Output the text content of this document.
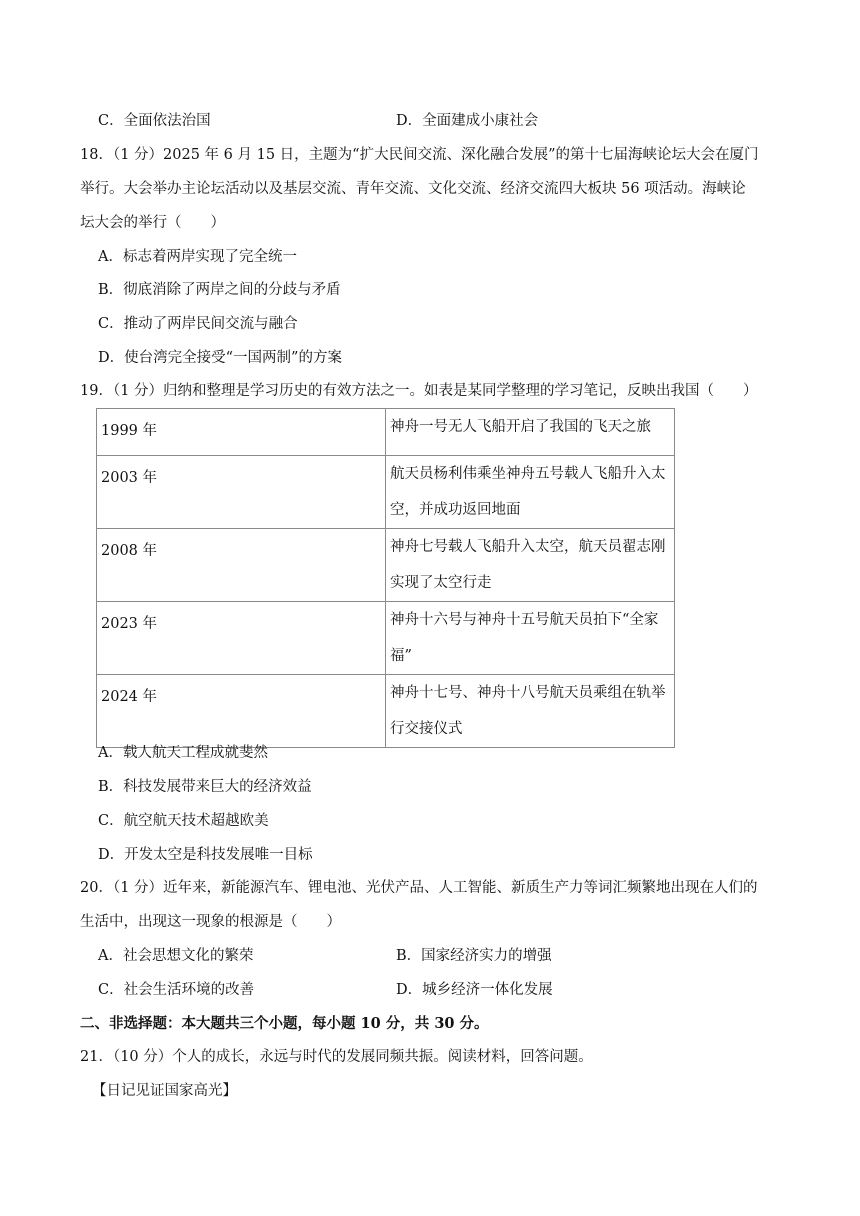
C．全面依法治国	D．全面建成小康社会
18．（1 分）2025 年 6 月 15 日，主题为“扩大民间交流、深化融合发展”的第十七届海峡论坛大会在厦门
举行。大会举办主论坛活动以及基层交流、青年交流、文化交流、经济交流四大板块 56 项活动。海峡论
坛大会的举行（　　）
A．标志着两岸实现了完全统一
B．彻底消除了两岸之间的分歧与矛盾
C．推动了两岸民间交流与融合
D．使台湾完全接受“一国两制”的方案
19．（1 分）归纳和整理是学习历史的有效方法之一。如表是某同学整理的学习笔记，反映出我国（　　）
1999 年	神舟一号无人飞船开启了我国的飞天之旅
2003 年	航天员杨利伟乘坐神舟五号载人飞船升入太空，并成功返回地面
2008 年	神舟七号载人飞船升入太空，航天员翟志刚实现了太空行走
2023 年	神舟十六号与神舟十五号航天员拍下“全家福”
2024 年	神舟十七号、神舟十八号航天员乘组在轨举行交接仪式
A．载人航天工程成就斐然
B．科技发展带来巨大的经济效益
C．航空航天技术超越欧美
D．开发太空是科技发展唯一目标
20．（1 分）近年来，新能源汽车、锂电池、光伏产品、人工智能、新质生产力等词汇频繁地出现在人们的
生活中，出现这一现象的根源是（　　）
A．社会思想文化的繁荣	B．国家经济实力的增强
C．社会生活环境的改善	D．城乡经济一体化发展
二、非选择题：本大题共三个小题，每小题 10 分，共 30 分。
21．（10 分）个人的成长，永远与时代的发展同频共振。阅读材料，回答问题。
【日记见证国家高光】
